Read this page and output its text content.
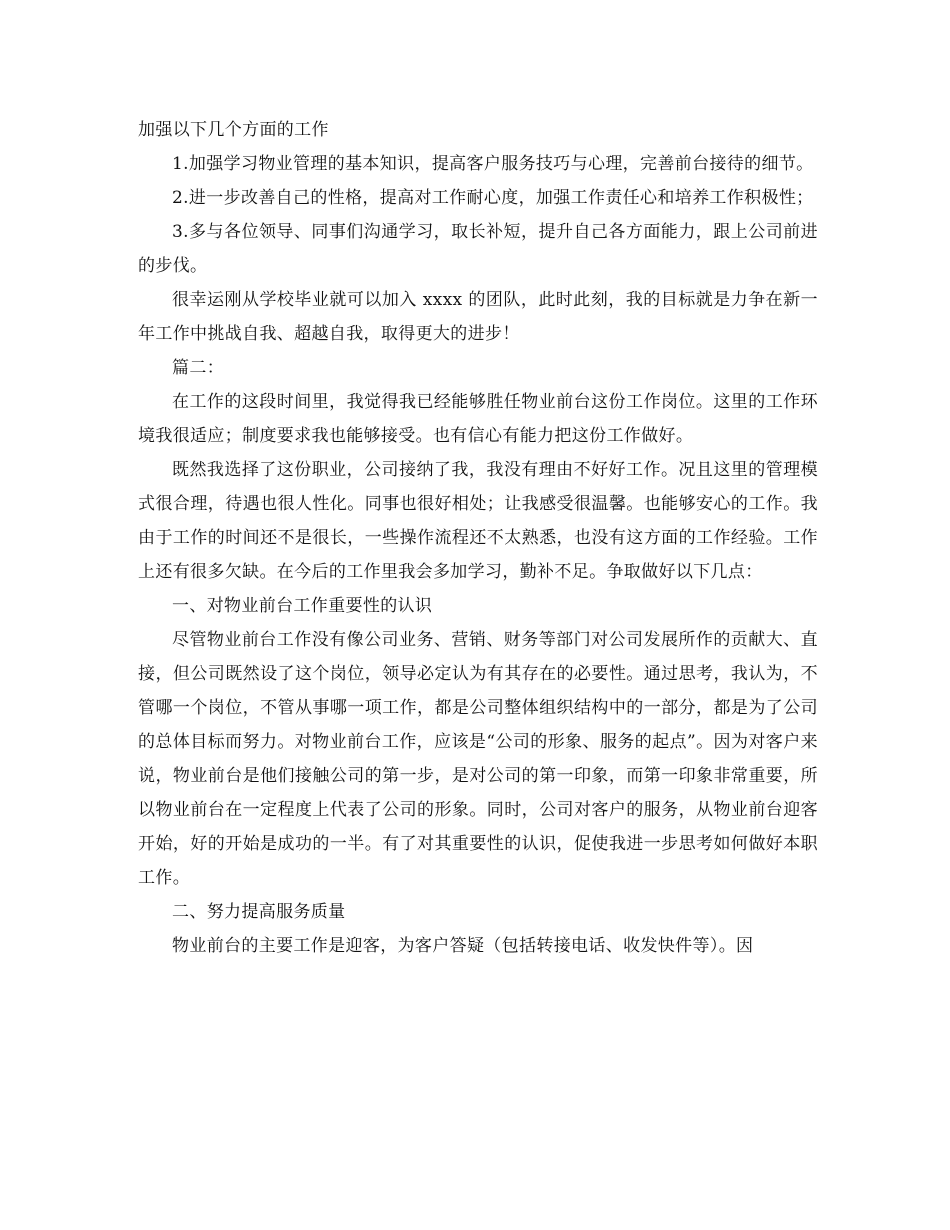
加强以下几个方面的工作

1.加强学习物业管理的基本知识，提高客户服务技巧与心理，完善前台接待的细节。

2.进一步改善自己的性格，提高对工作耐心度，加强工作责任心和培养工作积极性；

3.多与各位领导、同事们沟通学习，取长补短，提升自己各方面能力，跟上公司前进的步伐。

很幸运刚从学校毕业就可以加入 xxxx 的团队，此时此刻，我的目标就是力争在新一年工作中挑战自我、超越自我，取得更大的进步！

篇二：

在工作的这段时间里，我觉得我已经能够胜任物业前台这份工作岗位。这里的工作环境我很适应；制度要求我也能够接受。也有信心有能力把这份工作做好。

既然我选择了这份职业，公司接纳了我，我没有理由不好好工作。况且这里的管理模式很合理，待遇也很人性化。同事也很好相处；让我感受很温馨。也能够安心的工作。我由于工作的时间还不是很长，一些操作流程还不太熟悉，也没有这方面的工作经验。工作上还有很多欠缺。在今后的工作里我会多加学习，勤补不足。争取做好以下几点：

一、对物业前台工作重要性的认识

尽管物业前台工作没有像公司业务、营销、财务等部门对公司发展所作的贡献大、直接，但公司既然设了这个岗位，领导必定认为有其存在的必要性。通过思考，我认为，不管哪一个岗位，不管从事哪一项工作，都是公司整体组织结构中的一部分，都是为了公司的总体目标而努力。对物业前台工作，应该是“公司的形象、服务的起点”。因为对客户来说，物业前台是他们接触公司的第一步，是对公司的第一印象，而第一印象非常重要，所以物业前台在一定程度上代表了公司的形象。同时，公司对客户的服务，从物业前台迎客开始，好的开始是成功的一半。有了对其重要性的认识，促使我进一步思考如何做好本职工作。

二、努力提高服务质量

物业前台的主要工作是迎客，为客户答疑（包括转接电话、收发快件等）。因
